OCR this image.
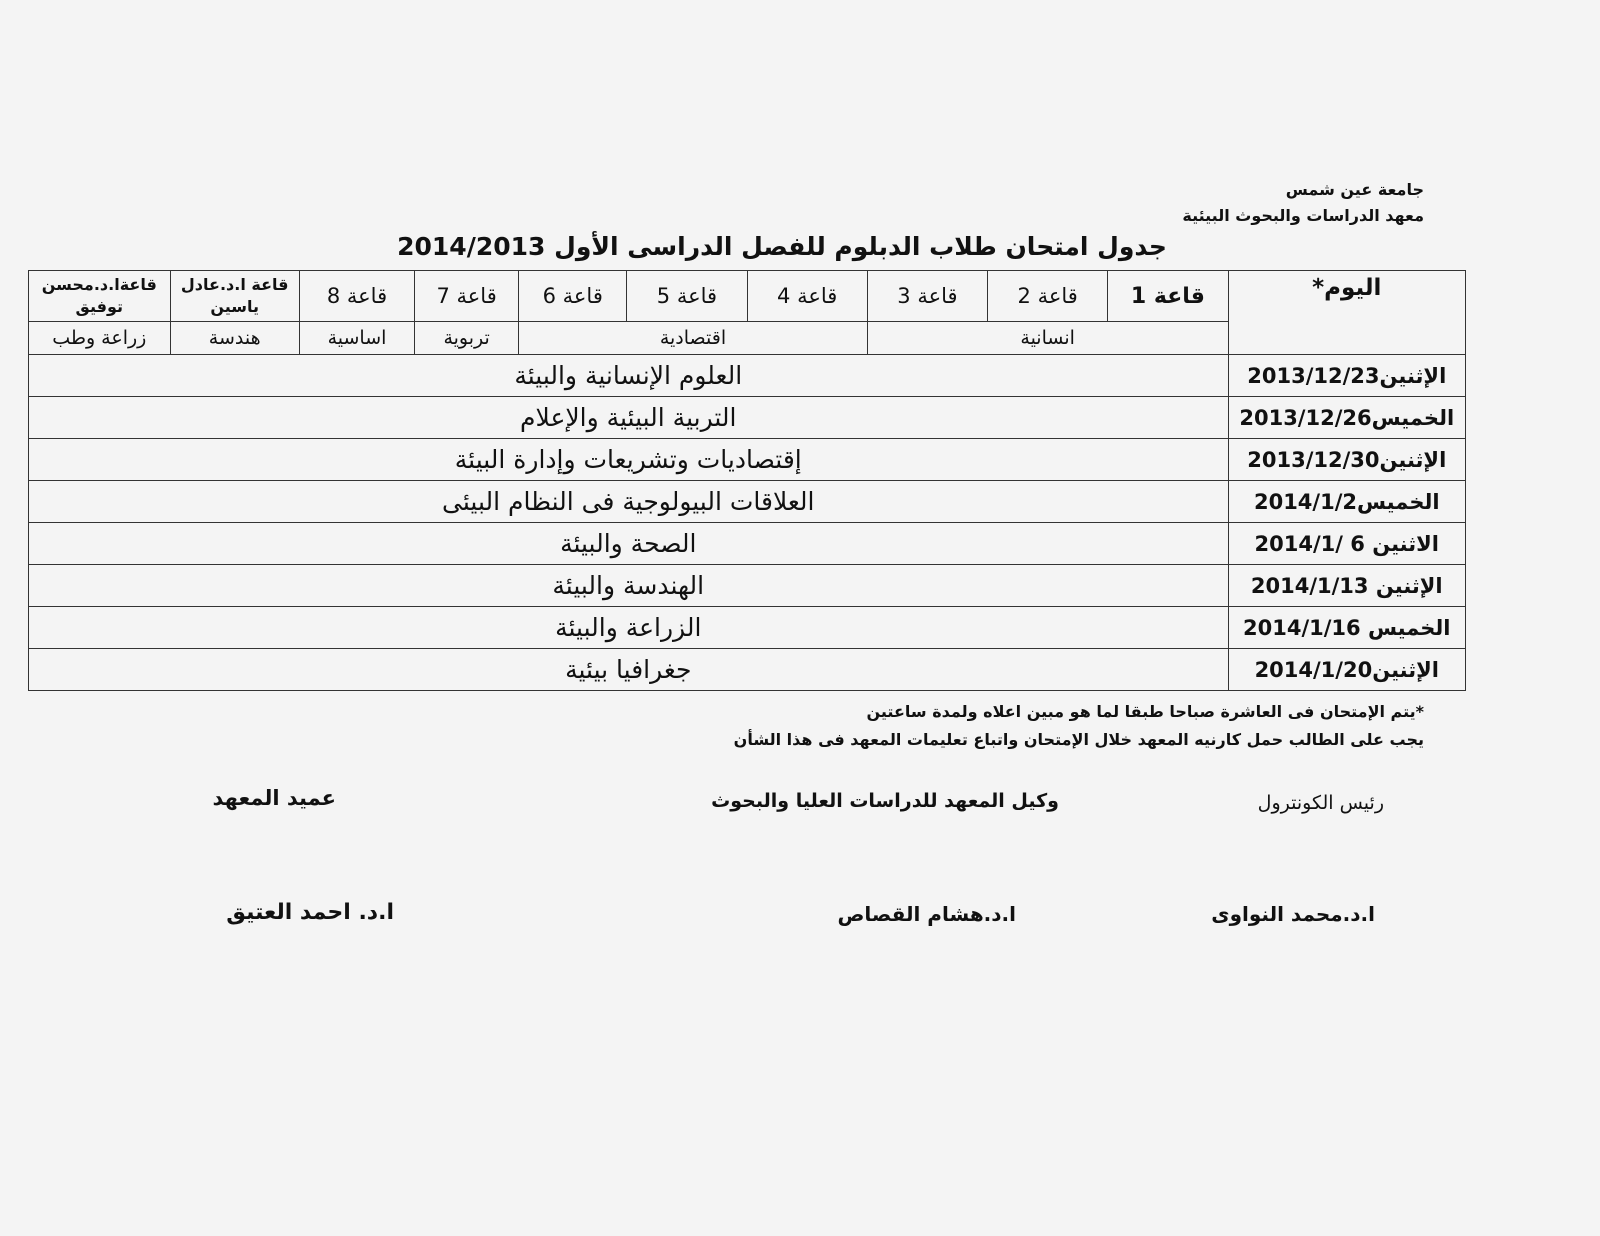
جامعة عين شمس
معهد الدراسات والبحوث البيئية
جدول امتحان طلاب الدبلوم للفصل الدراسى الأول 2014/2013
اليوم*	قاعة 1	قاعة 2	قاعة 3	قاعة 4	قاعة 5	قاعة 6	قاعة 7	قاعة 8	قاعة ا.د.عادل ياسين	قاعةا.د.محسن توفيق
	انسانية			اقتصادية			تربوية	اساسية	هندسة	زراعة وطب
الإثنين2013/12/23	العلوم الإنسانية والبيئة									
الخميس2013/12/26	التربية البيئية والإعلام									
الإثنين2013/12/30	إقتصاديات وتشريعات وإدارة البيئة									
الخميس2014/1/2	العلاقات البيولوجية فى النظام البيئى									
الاثنين 6 /2014/1	الصحة والبيئة									
الإثنين 2014/1/13	الهندسة والبيئة									
الخميس 2014/1/16	الزراعة والبيئة									
الإثنين2014/1/20	جغرافيا بيئية									
*يتم الإمتحان فى العاشرة صباحا طبقا لما هو مبين اعلاه ولمدة ساعتين
يجب على الطالب حمل كارنيه المعهد خلال الإمتحان واتباع تعليمات المعهد فى هذا الشأن
رئيس الكونترول
وكيل المعهد للدراسات العليا والبحوث
عميد المعهد
ا.د.محمد النواوى
ا.د.هشام القصاص
ا.د. احمد العتيق
